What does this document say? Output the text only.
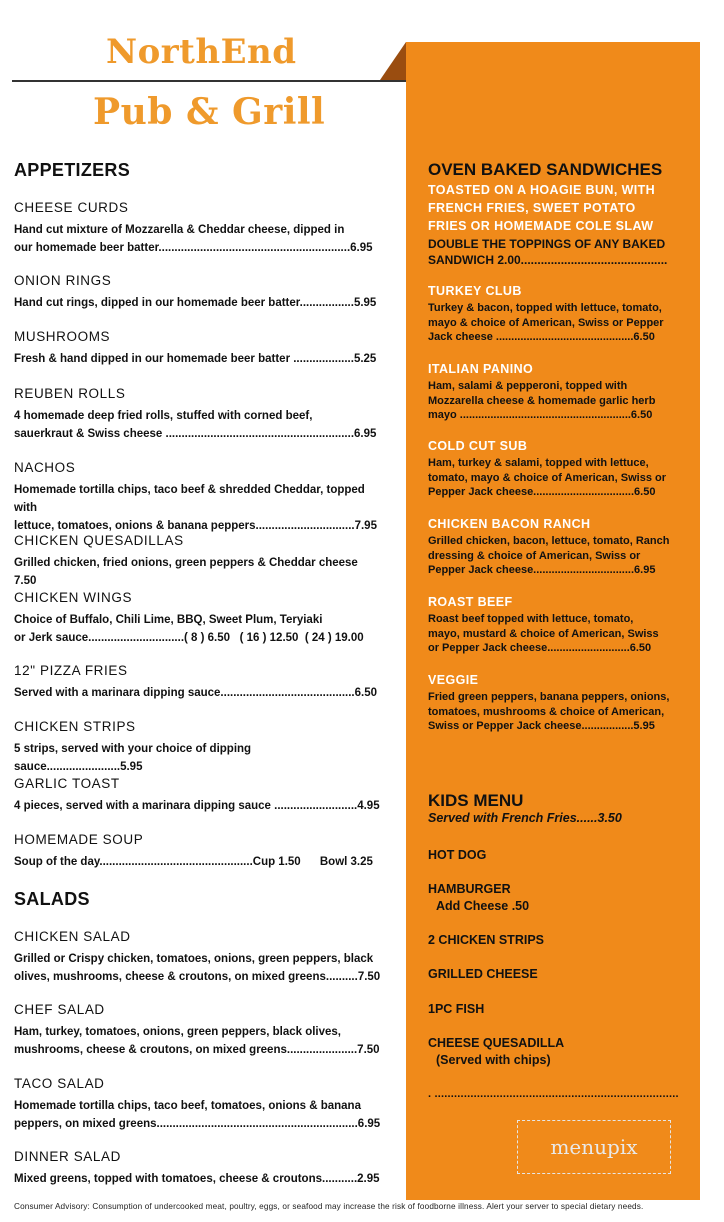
NorthEnd
Pub & Grill
APPETIZERS
CHEESE CURDS
Hand cut mixture of Mozzarella & Cheddar cheese, dipped in
our homemade beer batter............................................................6.95
ONION RINGS
Hand cut rings, dipped in our homemade beer batter.................5.95
MUSHROOMS
Fresh & hand dipped in our homemade beer batter ...................5.25
REUBEN ROLLS
4 homemade deep fried rolls, stuffed with corned beef,
sauerkraut & Swiss cheese ...........................................................6.95
NACHOS
Homemade tortilla chips, taco beef & shredded Cheddar, topped with
lettuce, tomatoes, onions & banana peppers...............................7.95
CHICKEN QUESADILLAS
Grilled chicken, fried onions, green peppers & Cheddar cheese 7.50
CHICKEN WINGS
Choice of Buffalo, Chili Lime, BBQ, Sweet Plum, Teryiaki
or Jerk sauce..............................( 8 ) 6.50   ( 16 ) 12.50  ( 24 ) 19.00
12" PIZZA FRIES
Served with a marinara dipping sauce..........................................6.50
CHICKEN STRIPS
5 strips, served with your choice of dipping sauce.......................5.95
GARLIC TOAST
4 pieces, served with a marinara dipping sauce ..........................4.95
HOMEMADE SOUP
Soup of the day................................................Cup 1.50      Bowl 3.25
SALADS
CHICKEN SALAD
Grilled or Crispy chicken, tomatoes, onions, green peppers, black
olives, mushrooms, cheese & croutons, on mixed greens..........7.50
CHEF SALAD
Ham, turkey, tomatoes, onions, green peppers, black olives,
mushrooms, cheese & croutons, on mixed greens......................7.50
TACO SALAD
Homemade tortilla chips, taco beef, tomatoes, onions & banana
peppers, on mixed greens...............................................................6.95
DINNER SALAD
Mixed greens, topped with tomatoes, cheese & croutons...........2.95
OVEN BAKED SANDWICHES
TOASTED ON A HOAGIE BUN, WITH
FRENCH FRIES, SWEET POTATO
FRIES OR HOMEMADE COLE SLAW
DOUBLE THE TOPPINGS OF ANY BAKED
SANDWICH 2.00............................................
TURKEY CLUB
Turkey & bacon, topped with lettuce, tomato,
mayo & choice of American, Swiss or Pepper
Jack cheese .............................................6.50
ITALIAN PANINO
Ham, salami & pepperoni, topped with
Mozzarella cheese & homemade garlic herb
mayo ........................................................6.50
COLD CUT SUB
Ham, turkey & salami, topped with lettuce,
tomato, mayo & choice of American, Swiss or
Pepper Jack cheese.................................6.50
CHICKEN BACON RANCH
Grilled chicken, bacon, lettuce, tomato, Ranch
dressing & choice of American, Swiss or
Pepper Jack cheese.................................6.95
ROAST BEEF
Roast beef topped with lettuce, tomato,
mayo, mustard & choice of American, Swiss
or Pepper Jack cheese...........................6.50
VEGGIE
Fried green peppers, banana peppers, onions,
tomatoes, mushrooms & choice of American,
Swiss or Pepper Jack cheese.................5.95
KIDS MENU
Served with French Fries......3.50
HOT DOG
HAMBURGER
Add Cheese .50
2 CHICKEN STRIPS
GRILLED CHEESE
1PC FISH
CHEESE QUESADILLA
(Served with chips)
. ...........................................................................
menupix
Consumer Advisory: Consumption of undercooked meat, poultry, eggs, or seafood may increase the risk of foodborne illness. Alert your server to special dietary needs.
